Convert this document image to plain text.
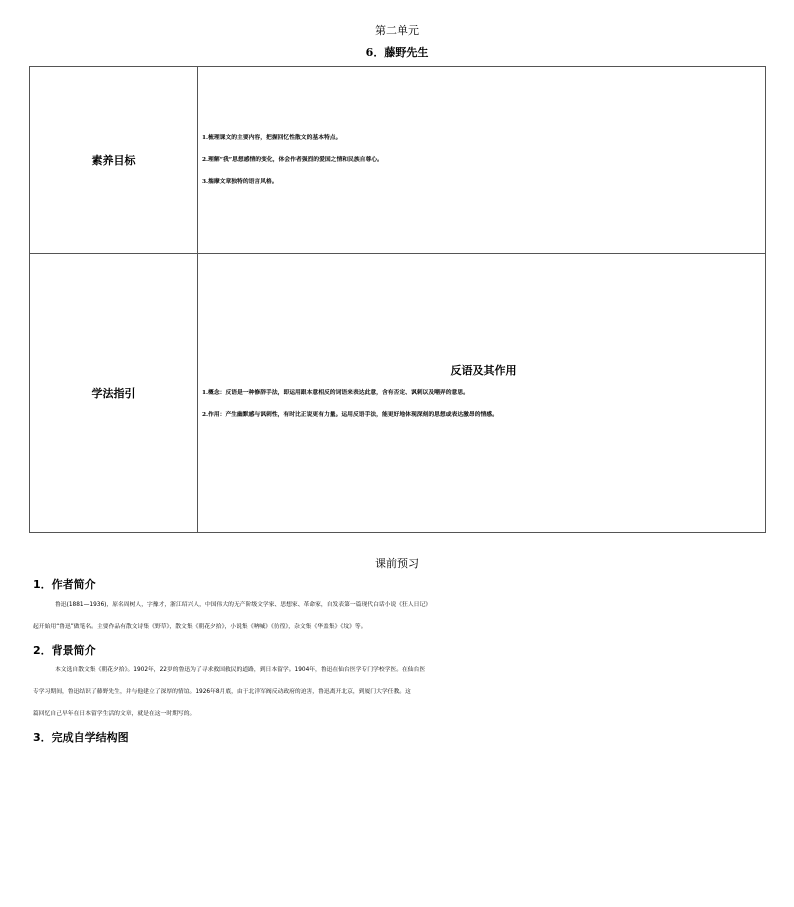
第二单元
6．藤野先生
素养目标	1.梳理课文的主要内容，把握回忆性散文的基本特点。
2.理解“我”思想感情的变化，体会作者强烈的爱国之情和民族自尊心。
3.揣摩文章独特的语言风格。

学法指引	反语及其作用
1.概念：反语是一种修辞手法，即运用跟本意相反的词语来表达此意，含有否定、讽刺以及嘲弄的意思。
2.作用：产生幽默感与讽刺性，有时比正说更有力量。运用反语手法，能更好地体现深刻的思想或表达激昂的情感。
课前预习
1．作者简介
鲁迅(1881—1936)，原名周树人，字豫才，浙江绍兴人，中国伟大的无产阶级文学家、思想家、革命家，自发表第一篇现代白话小说《狂人日记》
起开始用“鲁迅”做笔名。主要作品有散文诗集《野草》，散文集《朝花夕拾》，小说集《呐喊》《彷徨》，杂文集《华盖集》《坟》等。
2．背景简介
本文选自散文集《朝花夕拾》。1902年，22岁的鲁迅为了寻求救国救民的道路，到日本留学。1904年，鲁迅在仙台医学专门学校学医。在仙台医
专学习期间，鲁迅结识了藤野先生，并与他建立了深厚的情谊。1926年8月底，由于北洋军阀反动政府的迫害，鲁迅离开北京，到厦门大学任教。这
篇回忆自己早年在日本留学生活的文章，就是在这一时期写的。
3．完成自学结构图
